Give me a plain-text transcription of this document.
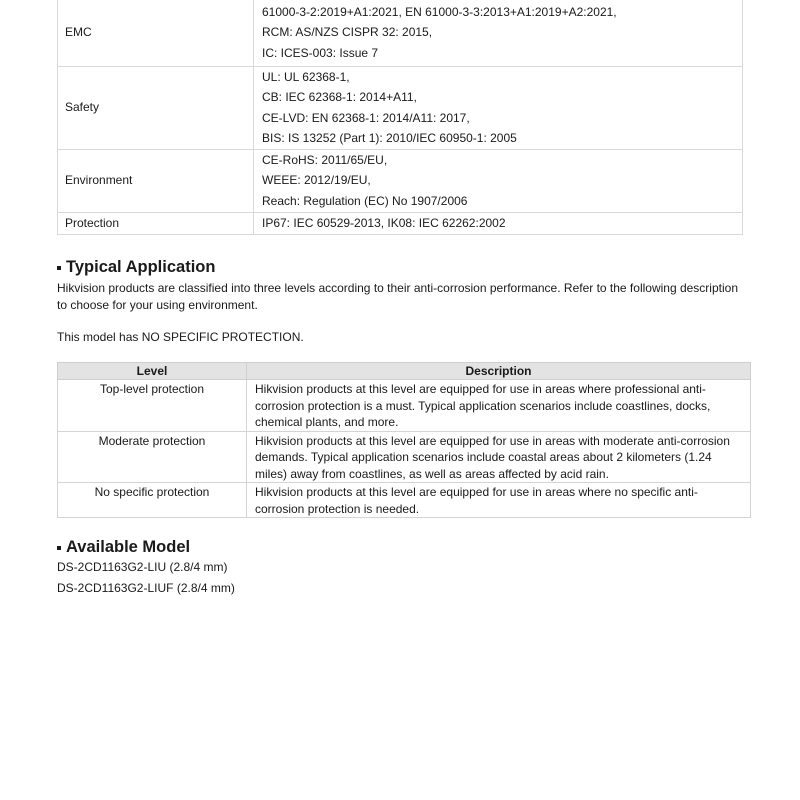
EMC	61000-3-2:2019+A1:2021, EN 61000-3-3:2013+A1:2019+A2:2021,
RCM: AS/NZS CISPR 32: 2015,
IC: ICES-003: Issue 7

Safety	UL: UL 62368-1,
CB: IEC 62368-1: 2014+A11,
CE-LVD: EN 62368-1: 2014/A11: 2017,
BIS: IS 13252 (Part 1): 2010/IEC 60950-1: 2005

Environment	CE-RoHS: 2011/65/EU,
WEEE: 2012/19/EU,
Reach: Regulation (EC) No 1907/2006

Protection	IP67: IEC 60529-2013, IK08: IEC 62262:2002
Typical Application
Hikvision products are classified into three levels according to their anti-corrosion performance. Refer to the following description to choose for your using environment.
This model has NO SPECIFIC PROTECTION.
Level	Description
Top-level protection	Hikvision products at this level are equipped for use in areas where professional anti-corrosion protection is a must. Typical application scenarios include coastlines, docks, chemical plants, and more.
Moderate protection	Hikvision products at this level are equipped for use in areas with moderate anti-corrosion demands. Typical application scenarios include coastal areas about 2 kilometers (1.24 miles) away from coastlines, as well as areas affected by acid rain.
No specific protection	Hikvision products at this level are equipped for use in areas where no specific anti-corrosion protection is needed.
Available Model
DS-2CD1163G2-LIU (2.8/4 mm)
DS-2CD1163G2-LIUF (2.8/4 mm)
